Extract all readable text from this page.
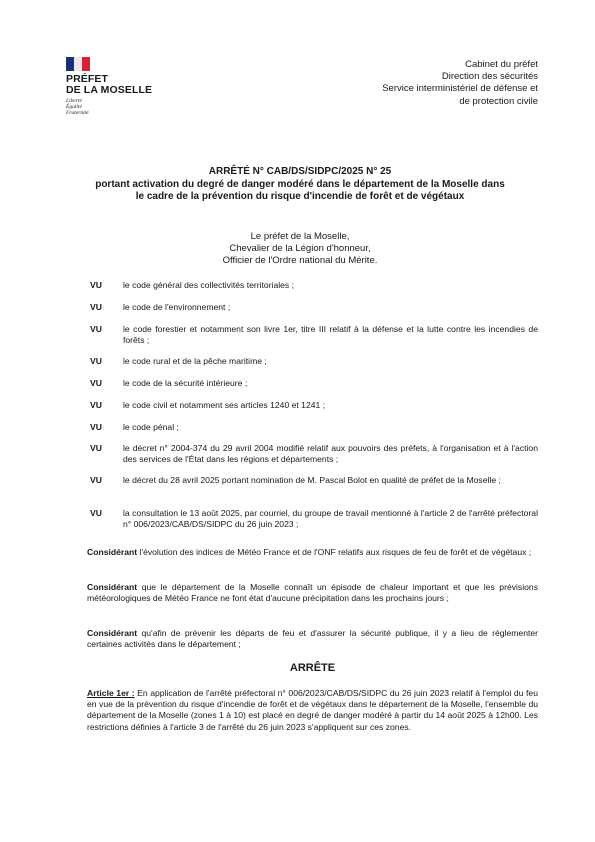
PRÉFET
DE LA MOSELLE
Liberté
Égalité
Fraternité
Cabinet du préfet
Direction des sécurités
Service interministériel de défense et
de protection civile
ARRÊTÉ N° CAB/DS/SIDPC/2025 N° 25
portant activation du degré de danger modéré dans le département de la Moselle dans le cadre de la prévention du risque d'incendie de forêt et de végétaux
Le préfet de la Moselle,
Chevalier de la Légion d'honneur,
Officier de l'Ordre national du Mérite.
VU le code général des collectivités territoriales ;
VU le code de l'environnement ;
VU le code forestier et notamment son livre 1er, titre III relatif à la défense et la lutte contre les incendies de forêts ;
VU le code rural et de la pêche maritime ;
VU le code de la sécurité intérieure ;
VU le code civil et notamment ses articles 1240 et 1241 ;
VU le code pénal ;
VU le décret n° 2004-374 du 29 avril 2004 modifié relatif aux pouvoirs des préfets, à l'organisation et à l'action des services de l'État dans les régions et départements ;
VU le décret du 28 avril 2025 portant nomination de M. Pascal Bolot en qualité de préfet de la Moselle ;
VU la consultation le 13 août 2025, par courriel, du groupe de travail mentionné à l'article 2 de l'arrêté préfectoral n° 006/2023/CAB/DS/SIDPC du 26 juin 2023 ;
Considérant l'évolution des indices de Météo France et de l'ONF relatifs aux risques de feu de forêt et de végétaux ;
Considérant que le département de la Moselle connaît un épisode de chaleur important et que les prévisions météorologiques de Météo France ne font état d'aucune précipitation dans les prochains jours ;
Considérant qu'afin de prévenir les départs de feu et d'assurer la sécurité publique, il y a lieu de réglementer certaines activités dans le département ;
ARRÊTE
Article 1er : En application de l'arrêté préfectoral n° 006/2023/CAB/DS/SIDPC du 26 juin 2023 relatif à l'emploi du feu en vue de la prévention du risque d'incendie de forêt et de végétaux dans le département de la Moselle, l'ensemble du département de la Moselle (zones 1 à 10) est placé en degré de danger modéré à partir du 14 août 2025 à 12h00. Les restrictions définies à l'article 3 de l'arrêté du 26 juin 2023 s'appliquent sur ces zones.
